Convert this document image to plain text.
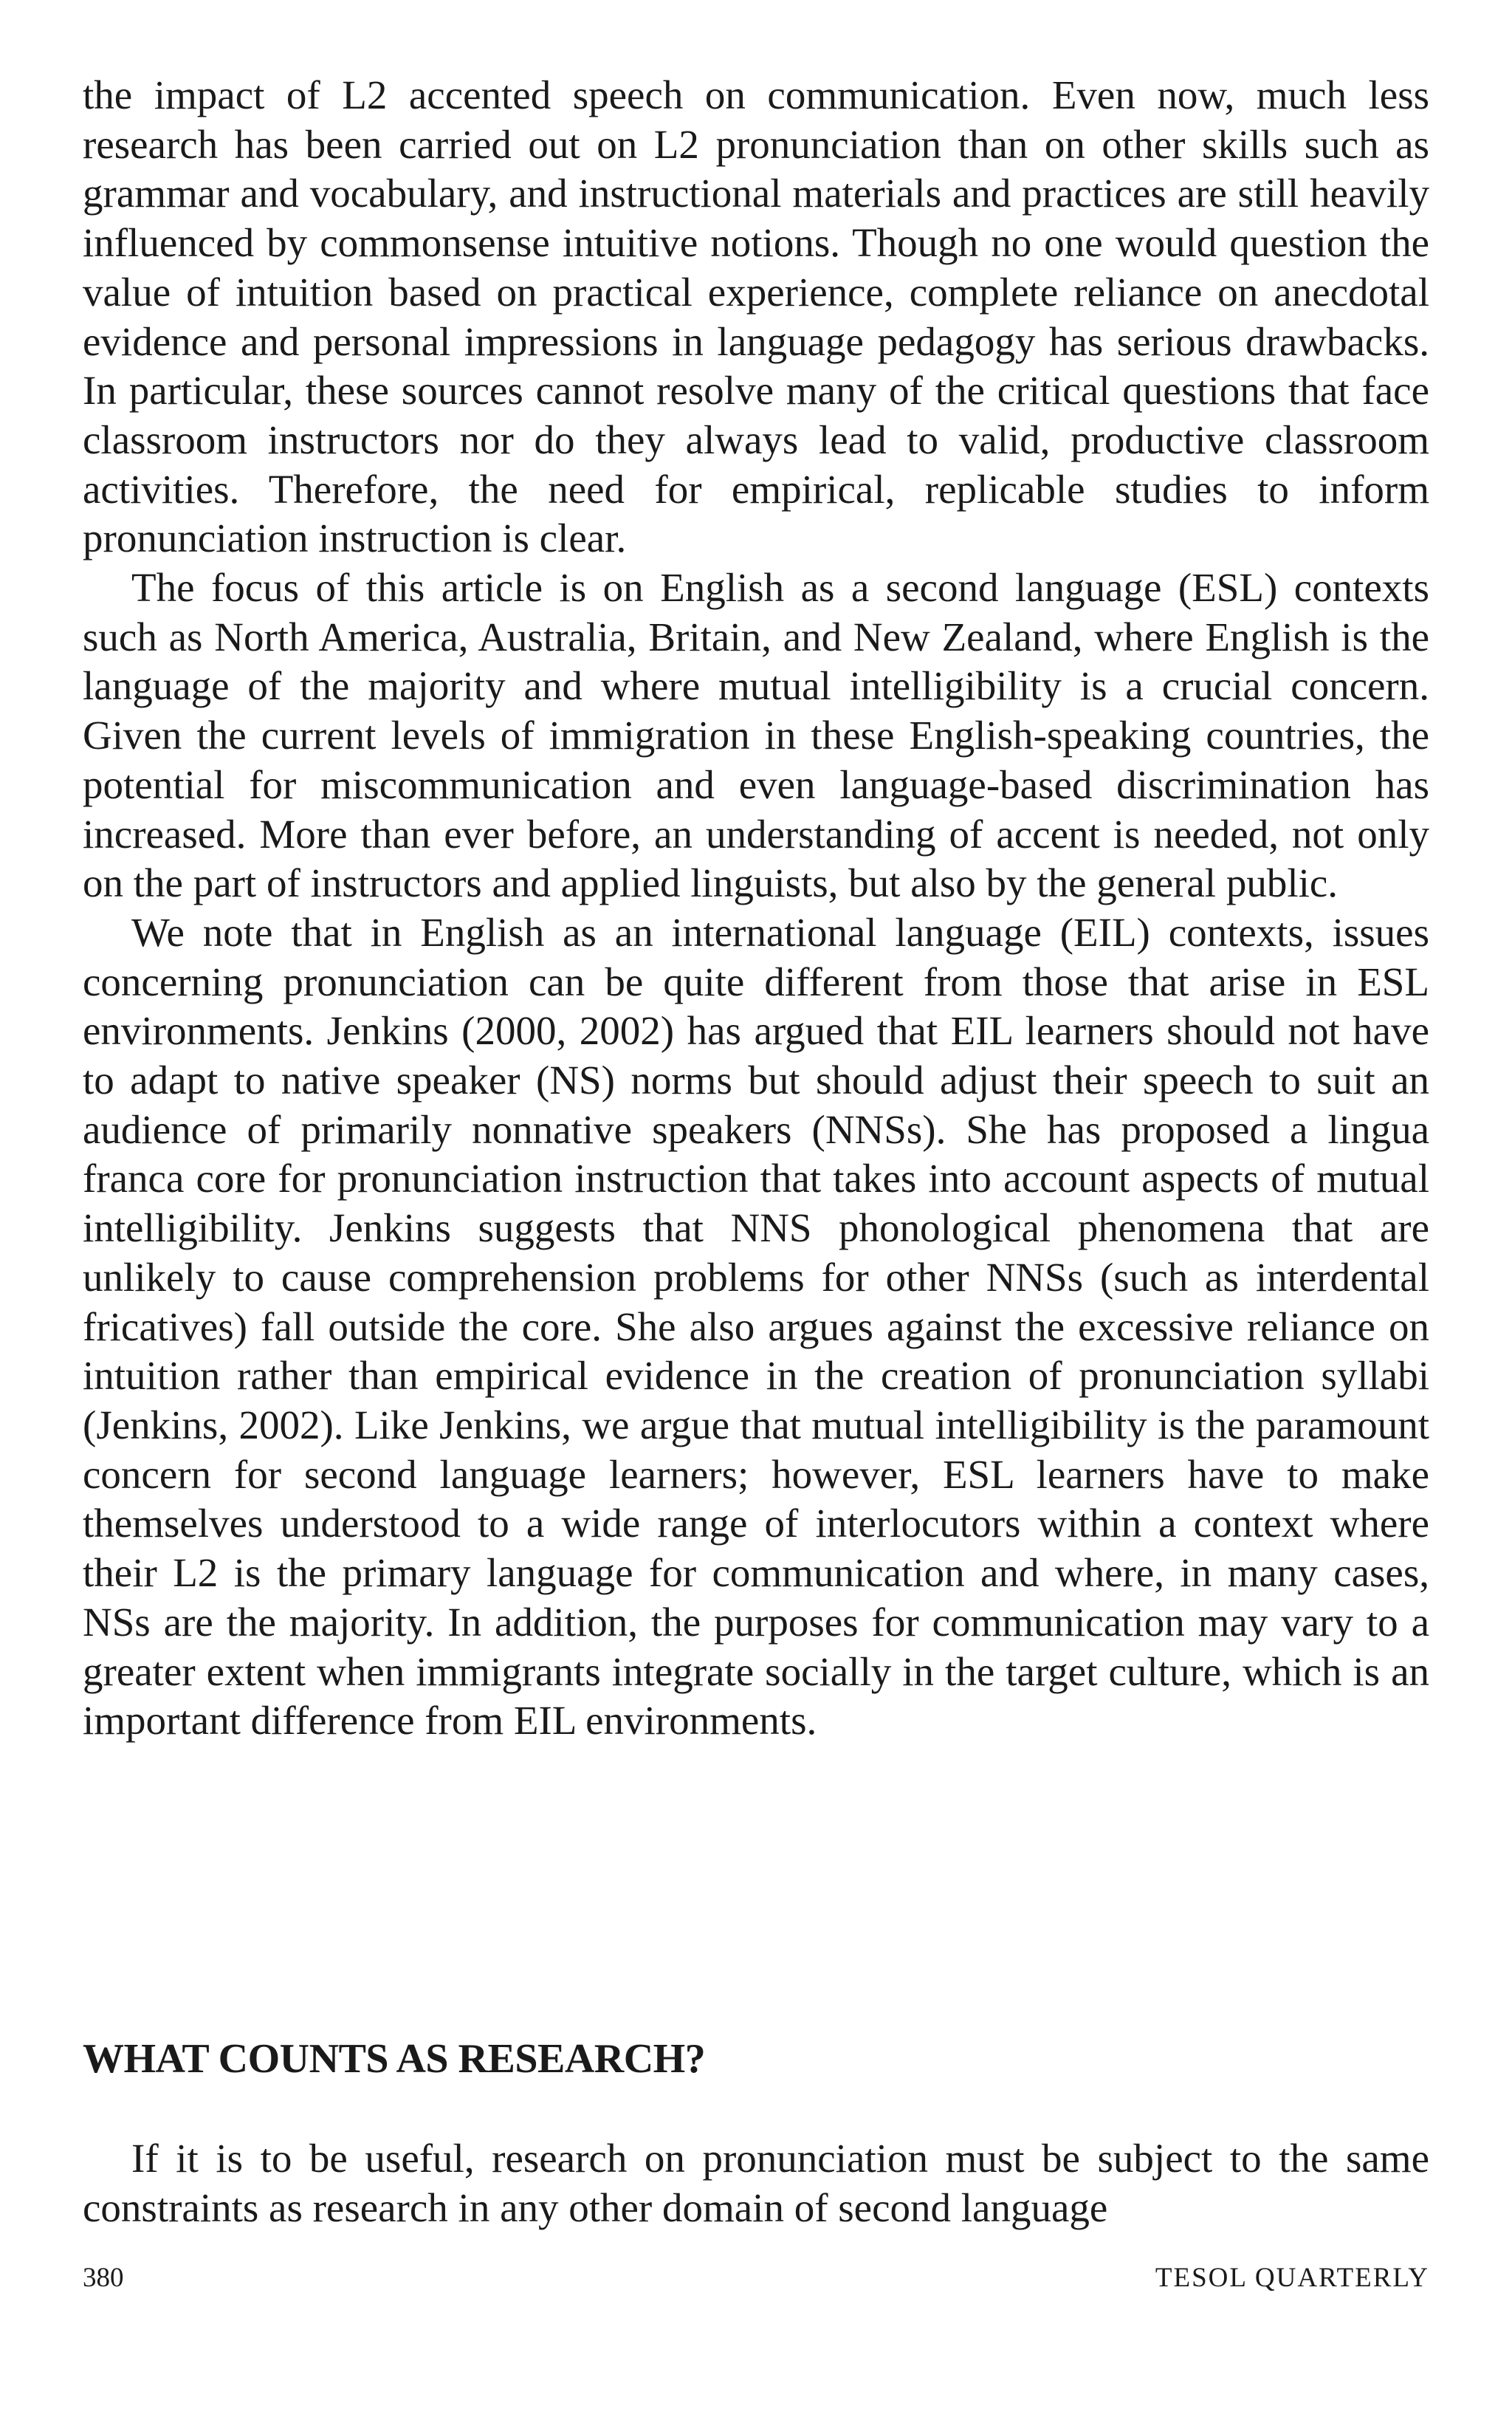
the impact of L2 accented speech on communication. Even now, much less research has been carried out on L2 pronunciation than on other skills such as grammar and vocabulary, and instructional materials and practices are still heavily influenced by commonsense intuitive notions. Though no one would question the value of intuition based on practical experience, complete reliance on anecdotal evidence and personal impressions in language pedagogy has serious drawbacks. In particular, these sources cannot resolve many of the critical questions that face classroom instructors nor do they always lead to valid, productive classroom activities. Therefore, the need for empirical, replicable studies to inform pronunciation instruction is clear.

The focus of this article is on English as a second language (ESL) contexts such as North America, Australia, Britain, and New Zealand, where English is the language of the majority and where mutual intelligibility is a crucial concern. Given the current levels of immigration in these English-speaking countries, the potential for miscommunication and even language-based discrimination has increased. More than ever before, an understanding of accent is needed, not only on the part of instructors and applied linguists, but also by the general public.

We note that in English as an international language (EIL) contexts, issues concerning pronunciation can be quite different from those that arise in ESL environments. Jenkins (2000, 2002) has argued that EIL learners should not have to adapt to native speaker (NS) norms but should adjust their speech to suit an audience of primarily nonnative speakers (NNSs). She has proposed a lingua franca core for pronunciation instruction that takes into account aspects of mutual intelligibility. Jenkins suggests that NNS phonological phenomena that are unlikely to cause comprehension problems for other NNSs (such as interdental fricatives) fall outside the core. She also argues against the excessive reliance on intuition rather than empirical evidence in the creation of pronunciation syllabi (Jenkins, 2002). Like Jenkins, we argue that mutual intelligibility is the paramount concern for second language learners; however, ESL learners have to make themselves understood to a wide range of interlocutors within a context where their L2 is the primary language for communication and where, in many cases, NSs are the majority. In addition, the purposes for communication may vary to a greater extent when immigrants integrate socially in the target culture, which is an important difference from EIL environments.

WHAT COUNTS AS RESEARCH?

If it is to be useful, research on pronunciation must be subject to the same constraints as research in any other domain of second language

380	TESOL QUARTERLY
